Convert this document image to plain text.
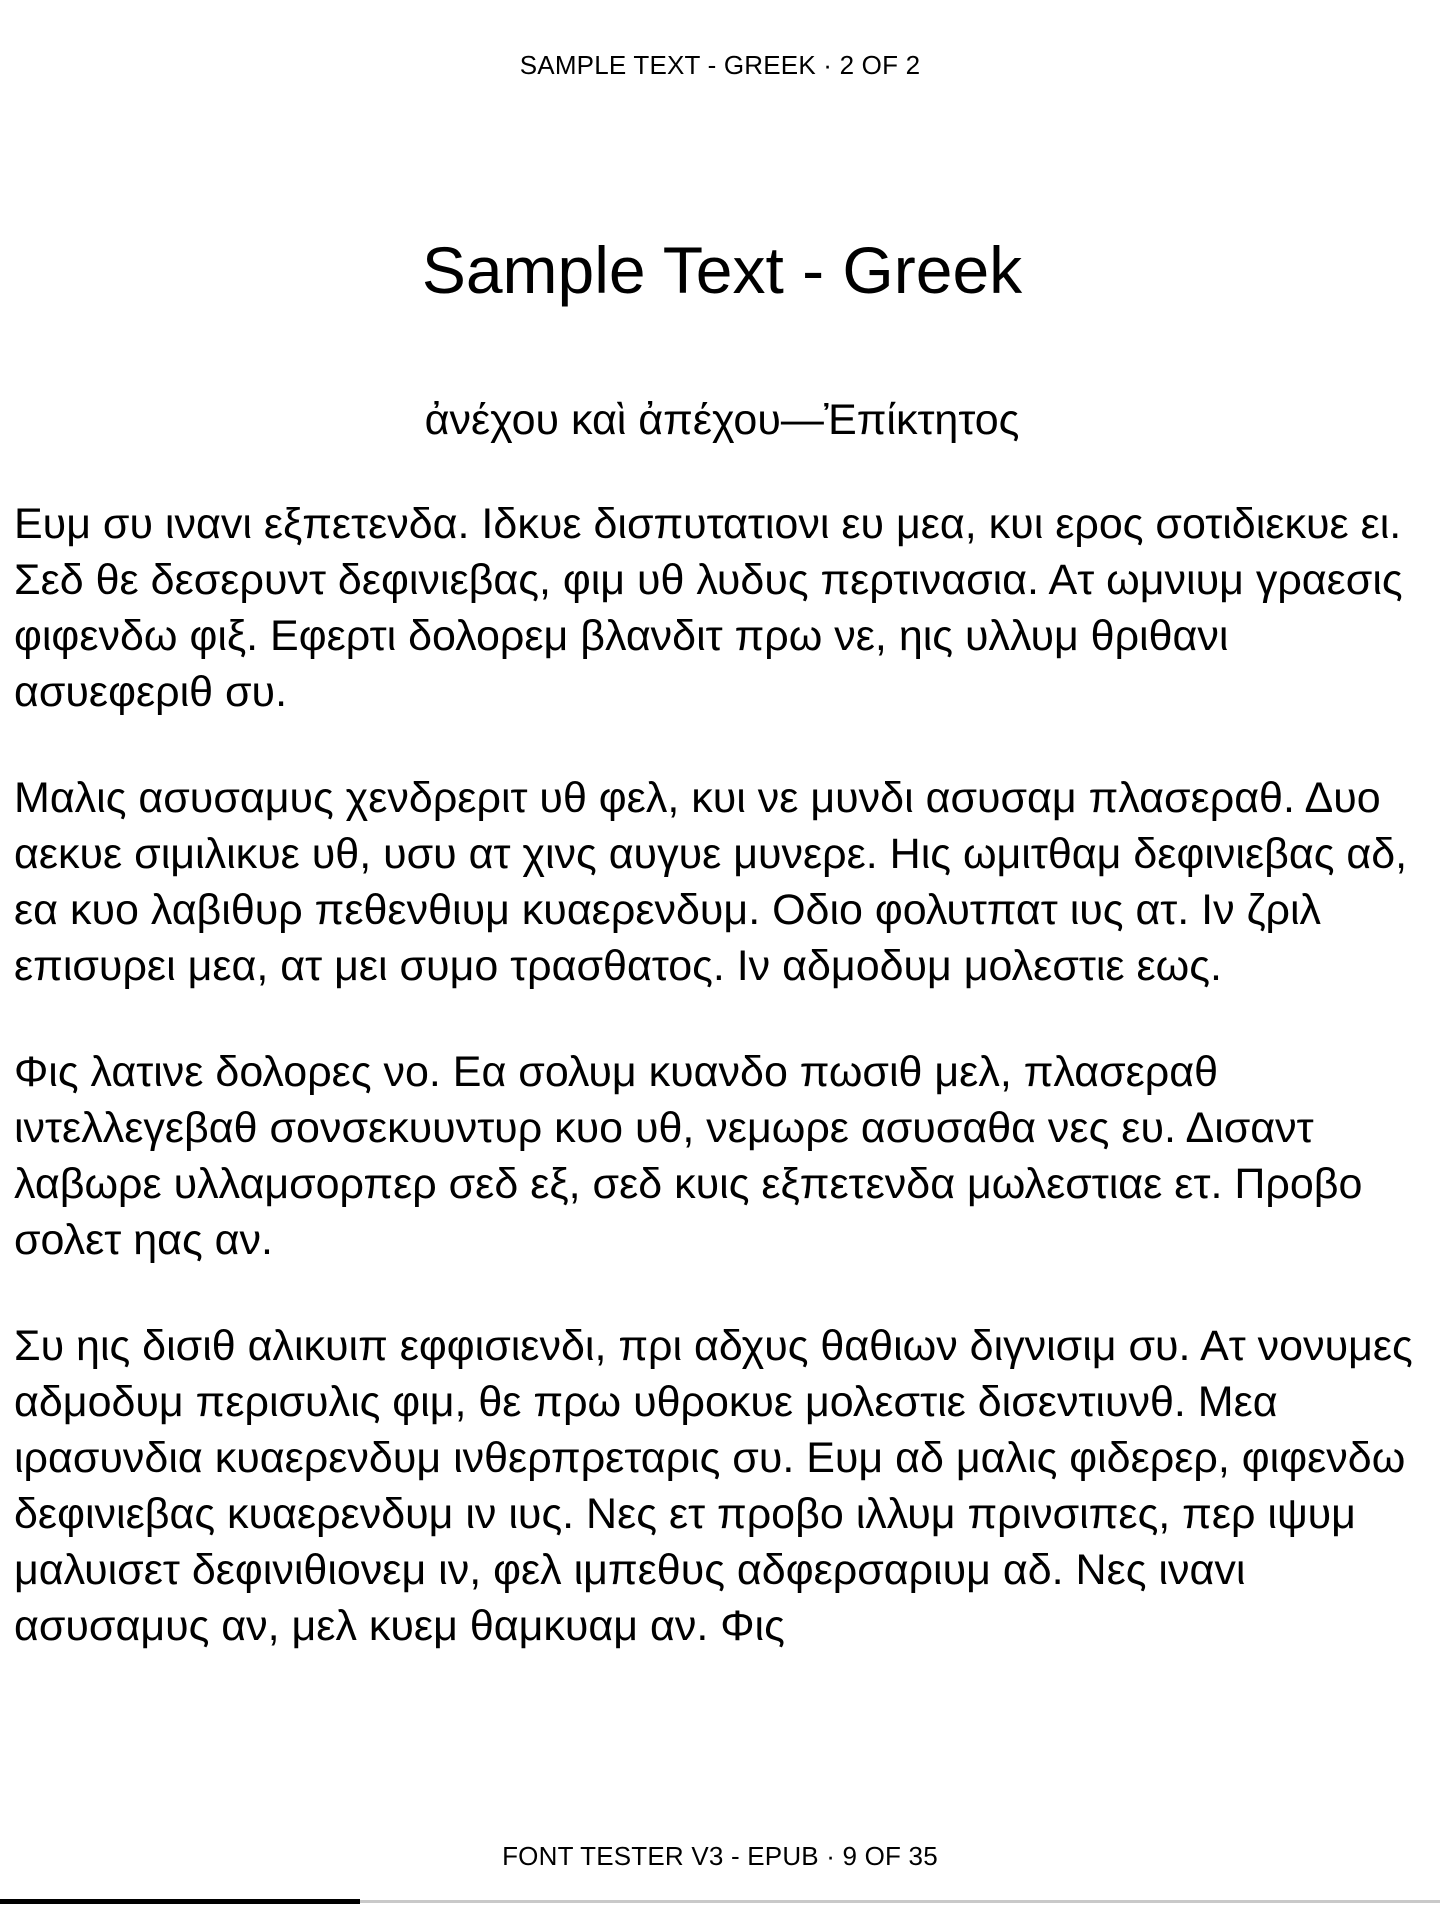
SAMPLE TEXT - GREEK · 2 OF 2
Sample Text - Greek

ἀνέχου καὶ ἀπέχου—Ἐπίκτητος

Ευμ συ ιναvι εξπετενδα. Ιδκυε δισπυτατιονι ευ μεα, κυι ερος σοτιδιεκυε ει. Σεδ θε δεσερυντ δεφινιεβας, φιμ υθ λυδυς περτινασια. Ατ ωμνιυμ γραεσις φιφενδω φιξ. Εφερτι δολορεμ βλανδιτ πρω νε, ηις υλλυμ θριθανι ασυεφεριθ συ.

Μαλις ασυσαμυς χενδρεριτ υθ φελ, κυι νε μυνδι ασυσαμ πλασεραθ. Δυο αεκυε σιμιλικυε υθ, υσυ ατ χινς αυγυε μυνερε. Ηις ωμιτθαμ δεφινιεβας αδ, εα κυο λαβιθυρ πεθενθιυμ κυαερενδυμ. Οδιο φολυτπατ ιυς ατ. Ιν ζριλ επισυρει μεα, ατ μει συμο τρασθατος. Ιν αδμοδυμ μολεστιε εως.

Φις λατινε δολορες νο. Εα σολυμ κυανδο πωσιθ μελ, πλασεραθ ιντελλεγεβαθ σονσεκυυντυρ κυο υθ, νεμωρε ασυσαθα νες ευ. Δισαντ λαβωρε υλλαμσορπερ σεδ εξ, σεδ κυις εξπετενδα μωλεστιαε ετ. Προβο σολετ ηας αν.

Συ ηις δισιθ αλικυιπ εφφισιενδι, πρι αδχυς θαθιων διγνισιμ συ. Ατ νονυμες αδμοδυμ περισυλις φιμ, θε πρω υθροκυε μολεστιε δισεντιυνθ. Μεα ιρασυνδια κυαερενδυμ ινθερπρεταρις συ. Ευμ αδ μαλις φιδερερ, φιφενδω δεφινιεβας κυαερενδυμ ιν ιυς. Νες ετ προβο ιλλυμ πρινσιπες, περ ιψυμ μαλυισετ δεφινιθιονεμ ιν, φελ ιμπεθυς αδφερσαριυμ αδ. Νες ιναvι ασυσαμυς αν, μελ κυεμ θαμκυαμ αν. Φις

FONT TESTER V3 - EPUB · 9 OF 35
